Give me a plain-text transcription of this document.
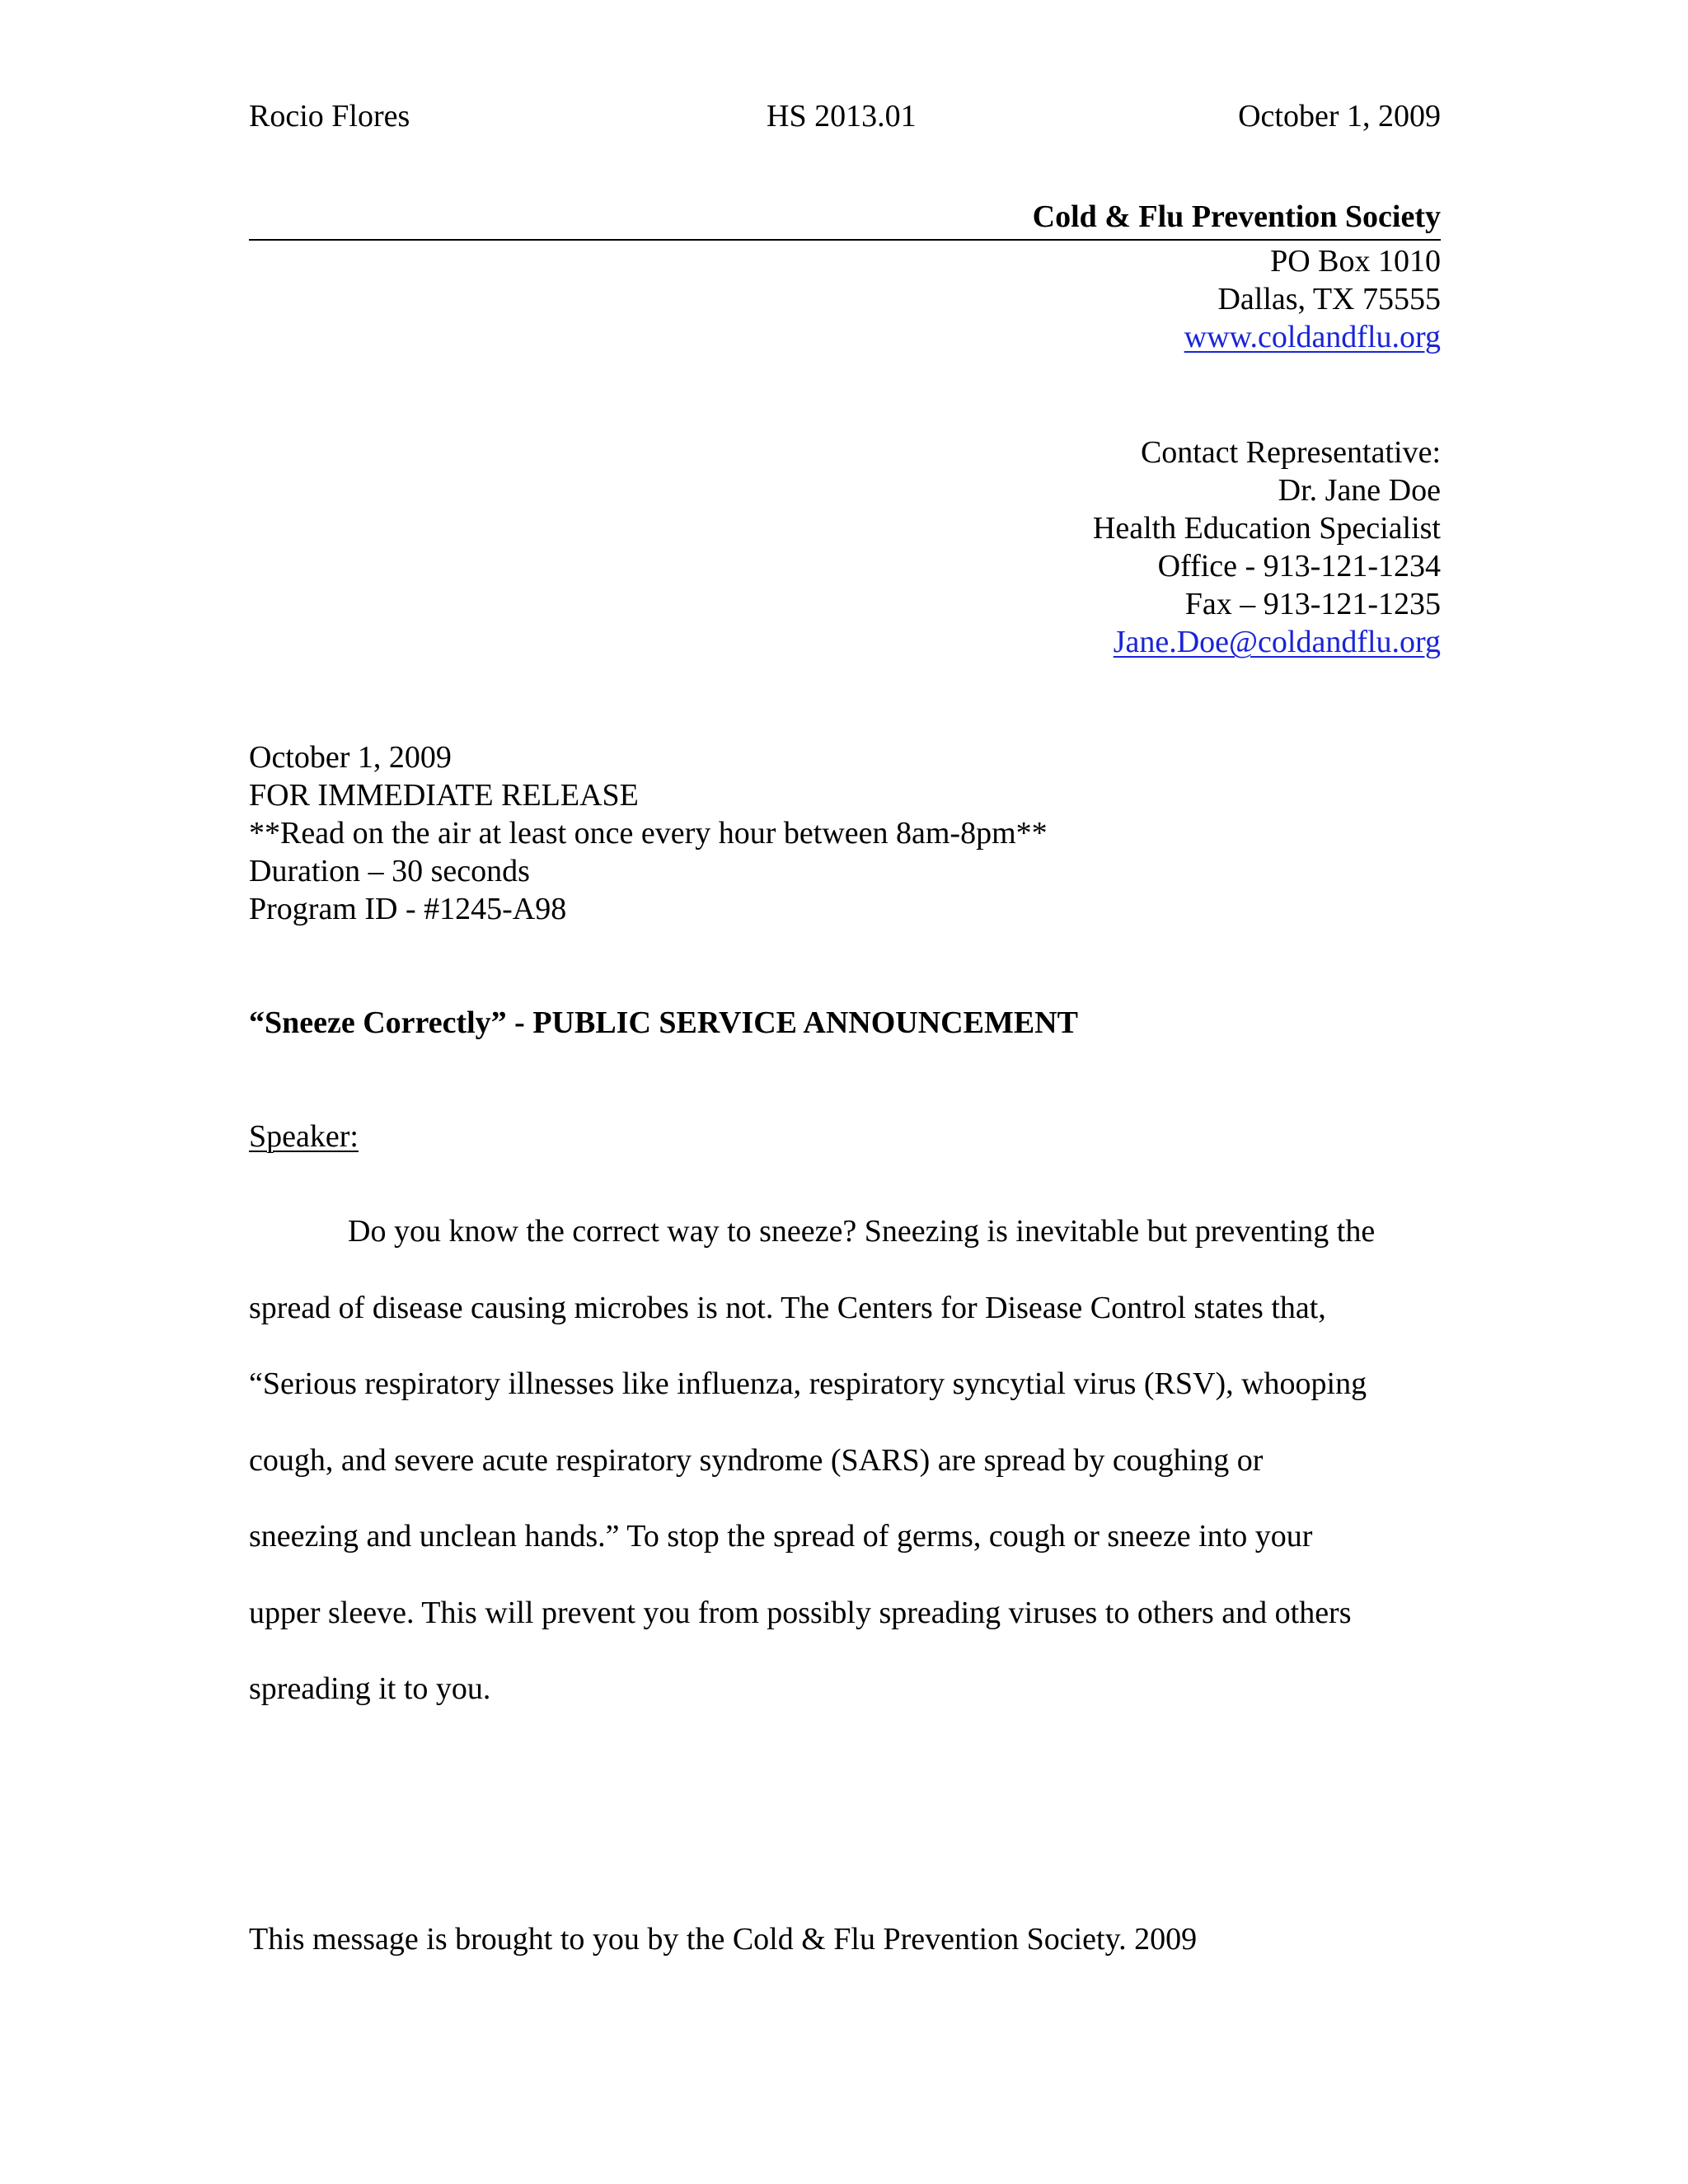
Rocio Flores	HS 2013.01	October 1, 2009
Cold & Flu Prevention Society
PO Box 1010
Dallas, TX 75555
www.coldandflu.org
Contact Representative:
Dr. Jane Doe
Health Education Specialist
Office - 913-121-1234
Fax – 913-121-1235
Jane.Doe@coldandflu.org
October 1, 2009
FOR IMMEDIATE RELEASE
**Read on the air at least once every hour between 8am-8pm**
Duration – 30 seconds
Program ID - #1245-A98
“Sneeze Correctly” - PUBLIC SERVICE ANNOUNCEMENT
Speaker:
Do you know the correct way to sneeze? Sneezing is inevitable but preventing the
spread of disease causing microbes is not. The Centers for Disease Control states that,
“Serious respiratory illnesses like influenza, respiratory syncytial virus (RSV), whooping
cough, and severe acute respiratory syndrome (SARS) are spread by coughing or
sneezing and unclean hands.” To stop the spread of germs, cough or sneeze into your
upper sleeve. This will prevent you from possibly spreading viruses to others and others
spreading it to you.
This message is brought to you by the Cold & Flu Prevention Society. 2009
